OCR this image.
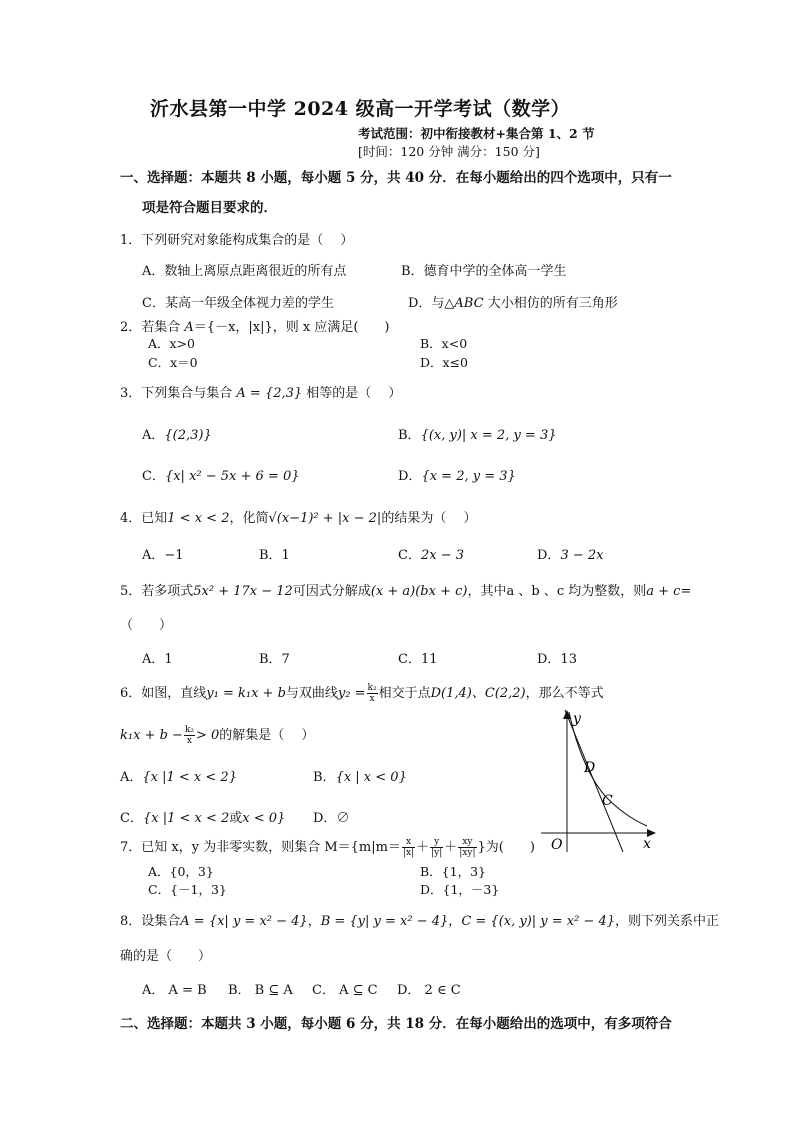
沂水县第一中学 2024 级高一开学考试（数学）
考试范围：初中衔接教材+集合第 1、2 节
[时间：120 分钟 满分：150 分]
一、选择题：本题共 8 小题，每小题 5 分，共 40 分．在每小题给出的四个选项中，只有一
项是符合题目要求的．
1．下列研究对象能构成集合的是（　 ）
A．数轴上离原点距离很近的所有点	B．德育中学的全体高一学生
C．某高一年级全体视力差的学生	D．与△ABC 大小相仿的所有三角形
2．若集合 A＝{－x，|x|}，则 x 应满足(　　)
A．x>0	B．x<0
C．x＝0	D．x≤0
3．下列集合与集合 A = {2,3} 相等的是（　 ）
A．{(2,3)}	B．{(x, y)| x = 2, y = 3}
C．{x| x² − 5x + 6 = 0}	D．{x = 2, y = 3}
4．已知1 < x < 2，化简√(x−1)² + |x − 2|的结果为（　 ）
A．−1	B．1	C．2x − 3	D．3 − 2x
5．若多项式5x² + 17x − 12可因式分解成(x + a)(bx + c)，其中a 、b 、c 均为整数，则a + c=
（　　）
A．1	B．7	C．11	D．13
6．如图，直线y₁ = k₁x + b与双曲线$y_2 = \frac{\text{k₂}}{x}$ 相交于点D(1,4)、C(2,2)，那么不等式
$k_1x + b - \frac{\text{k₂}}{x} > 0$的解集是（　 ）
A．{x |1 < x < 2}	B．{x | x < 0}
C．{x |1 < x < 2或x < 0} D．∅
y
x
O
D
C
7．已知 x，y 为非零实数，则集合 $M=\{m|m= \frac{x}{|x|} + \frac{y}{|y|} + \frac{xy}{|xy|}$ }为(　　)
A．{0，3}	B．{1，3}
C．{－1，3}	D．{1，－3}
8．设集合A = {x| y = x² − 4}，B = {y| y = x² − 4}，C = {(x, y)| y = x² − 4}，则下列关系中正
确的是（　　）
A． A = B B． B ⊆ A C． A ⊆ C D． 2 ∈ C
二、选择题：本题共 3 小题，每小题 6 分，共 18 分．在每小题给出的选项中，有多项符合
